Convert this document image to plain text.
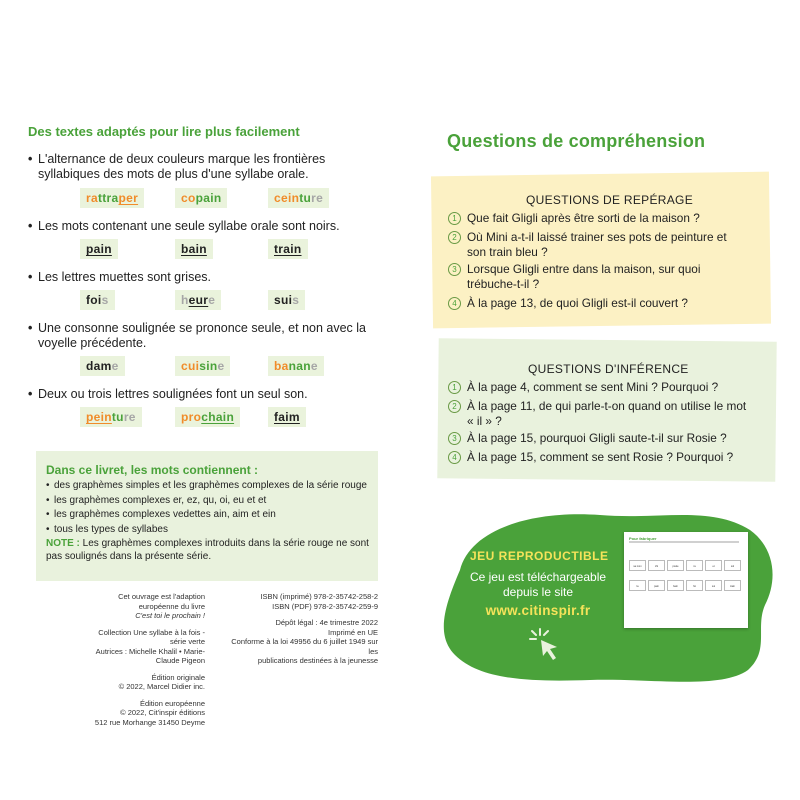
Des textes adaptés pour lire plus facilement
• L'alternance de deux couleurs marque les frontières syllabiques des mots de plus d'une syllabe orale.
rattraper	copain	ceinture
• Les mots contenant une seule syllabe orale sont noirs.
pain	bain	train
• Les lettres muettes sont grises.
fois	heure	suis
• Une consonne soulignée se prononce seule, et non avec la voyelle précédente.
dame	cuisine	banane
• Deux ou trois lettres soulignées font un seul son.
peinture	prochain	faim
Dans ce livret, les mots contiennent :
• des graphèmes simples et les graphèmes complexes de la série rouge
• les graphèmes complexes er, ez, qu, oi, eu et et
• les graphèmes complexes vedettes ain, aim et ein
• tous les types de syllabes
NOTE : Les graphèmes complexes introduits dans la série rouge ne sont pas soulignés dans la présente série.

Cet ouvrage est l'adaption européenne du livre
C'est toi le prochain !

Collection Une syllabe à la fois - série verte
Autrices : Michelle Khalil • Marie-Claude Pigeon

Édition originale
© 2022, Marcel Didier inc.

Édition européenne
© 2022, Cit'inspir éditions
512 rue Morhange 31450 Deyme

ISBN (imprimé) 978-2-35742-258-2
ISBN (PDF) 978-2-35742-259-9

Dépôt légal : 4e trimestre 2022
Imprimé en UE
Conforme à la loi 49956 du 6 juillet 1949 sur les
publications destinées à la jeunesse

Questions de compréhension
QUESTIONS DE REPÉRAGE
1 Que fait Gligli après être sorti de la maison ?
2 Où Mini a-t-il laissé trainer ses pots de peinture et son train bleu ?
3 Lorsque Gligli entre dans la maison, sur quoi trébuche-t-il ?
4 À la page 13, de quoi Gligli est-il couvert ?
QUESTIONS D'INFÉRENCE
1 À la page 4, comment se sent Mini ? Pourquoi ?
2 À la page 11, de qui parle-t-on quand on utilise le mot « il » ?
3 À la page 15, pourquoi Gligli saute-t-il sur Rosie ?
4 À la page 15, comment se sent Rosie ? Pourquoi ?
JEU REPRODUCTIBLE
Ce jeu est téléchargeable
depuis le site
www.citinspir.fr
Pour fabriquer
sa mon	chi	poule	ra	et	sol
la	pain	bain	foi	sui	train
